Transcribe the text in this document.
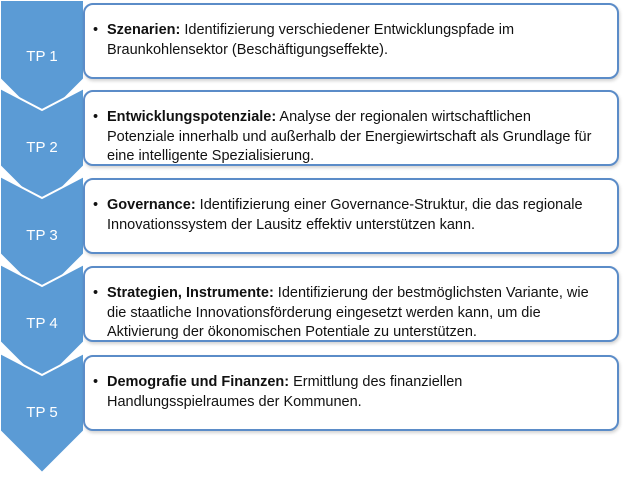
TP 1
TP 2
TP 3
TP 4
TP 5
• Szenarien: Identifizierung verschiedener Entwicklungspfade im Braunkohlensektor (Beschäftigungseffekte).
• Entwicklungspotenziale: Analyse der regionalen wirtschaftlichen Potenziale innerhalb und außerhalb der Energiewirtschaft als Grundlage für eine intelligente Spezialisierung.
• Governance: Identifizierung einer Governance-Struktur, die das regionale Innovationssystem der Lausitz effektiv unterstützen kann.
• Strategien, Instrumente: Identifizierung der bestmöglichsten Variante, wie die staatliche Innovationsförderung eingesetzt werden kann, um die Aktivierung der ökonomischen Potentiale zu unterstützen.
• Demografie und Finanzen: Ermittlung des finanziellen Handlungsspielraumes der Kommunen.
